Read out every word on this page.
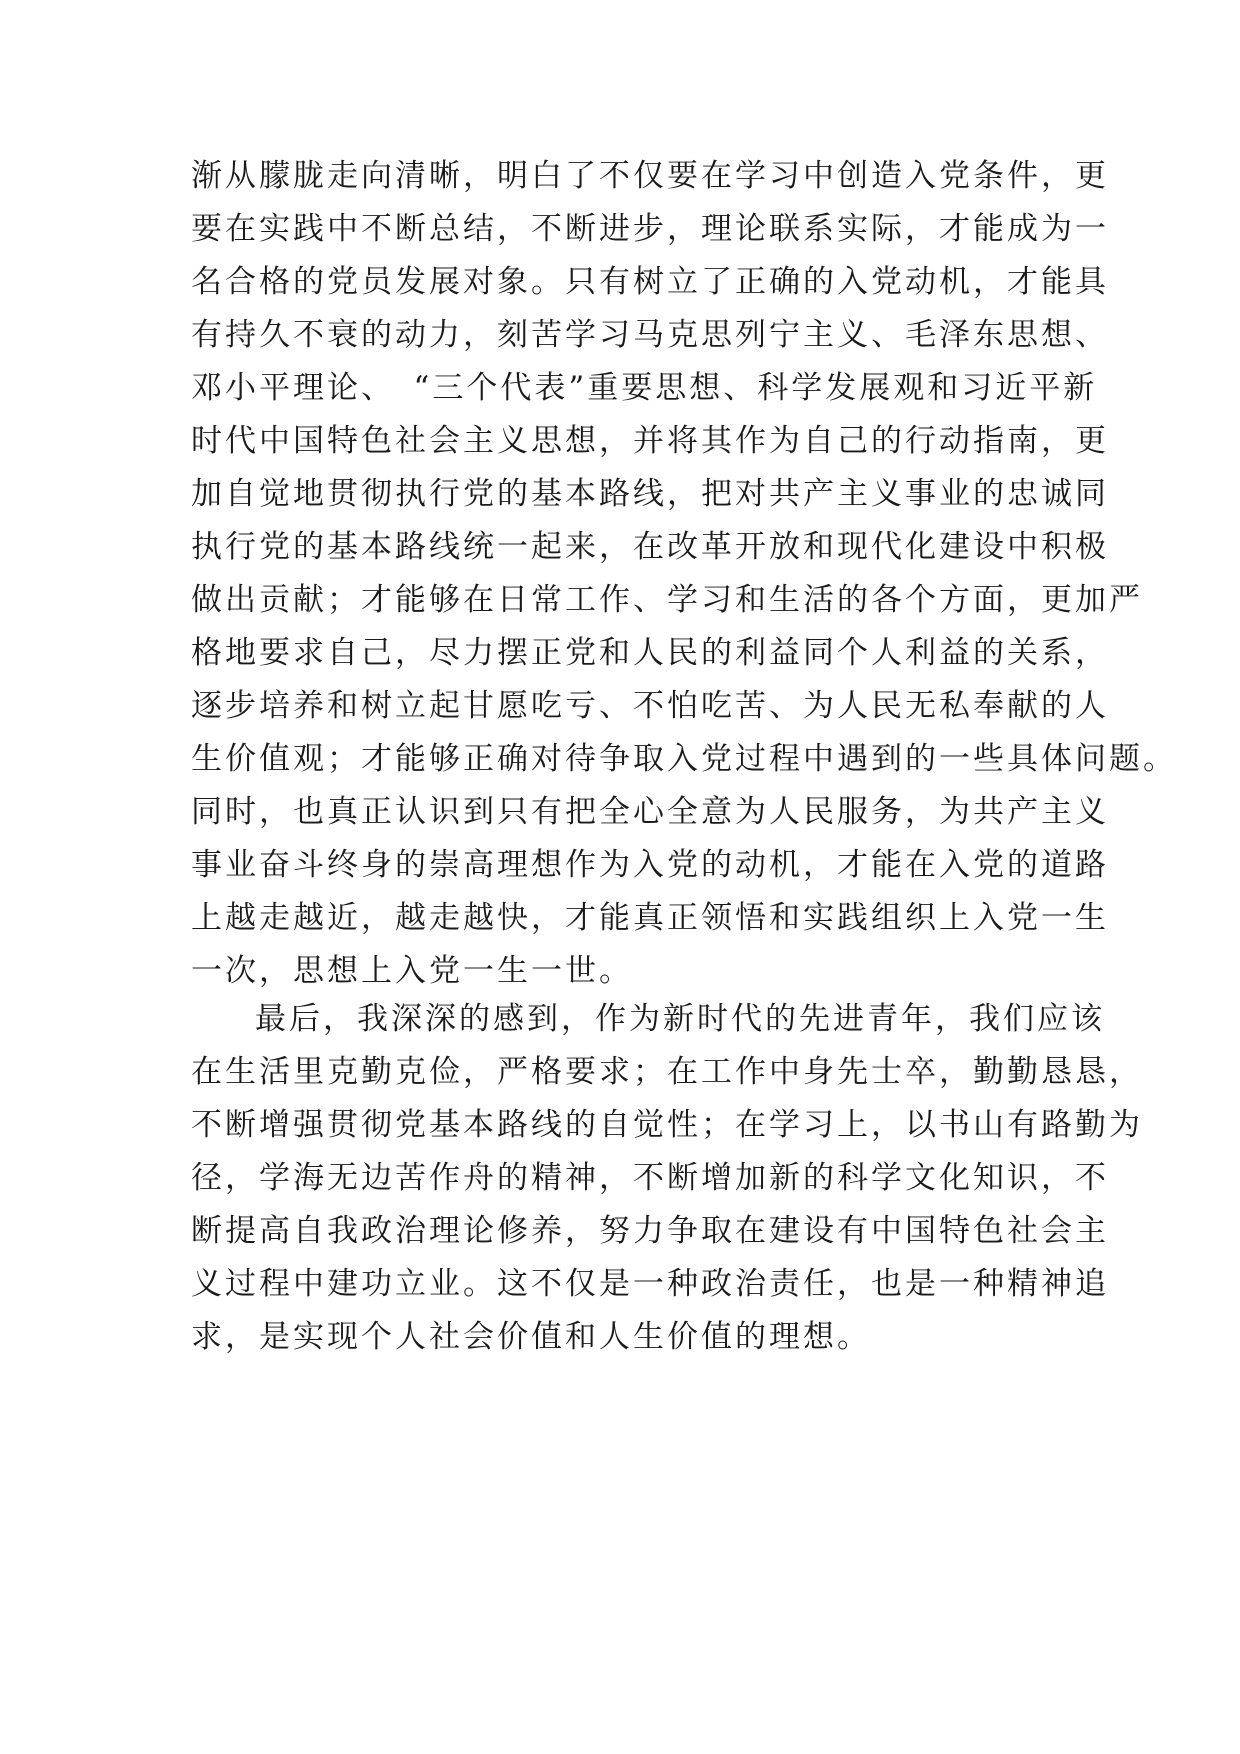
渐从朦胧走向清晰，明白了不仅要在学习中创造入党条件，更
要在实践中不断总结，不断进步，理论联系实际，才能成为一
名合格的党员发展对象。只有树立了正确的入党动机，才能具
有持久不衰的动力，刻苦学习马克思列宁主义、毛泽东思想、
邓小平理论、　“三个代表”重要思想、科学发展观和习近平新
时代中国特色社会主义思想，并将其作为自己的行动指南，更
加自觉地贯彻执行党的基本路线，把对共产主义事业的忠诚同
执行党的基本路线统一起来，在改革开放和现代化建设中积极
做出贡献；才能够在日常工作、学习和生活的各个方面，更加严
格地要求自己，尽力摆正党和人民的利益同个人利益的关系，
逐步培养和树立起甘愿吃亏、不怕吃苦、为人民无私奉献的人
生价值观；才能够正确对待争取入党过程中遇到的一些具体问题。
同时，也真正认识到只有把全心全意为人民服务，为共产主义
事业奋斗终身的崇高理想作为入党的动机，才能在入党的道路
上越走越近，越走越快，才能真正领悟和实践组织上入党一生
一次，思想上入党一生一世。
最后，我深深的感到，作为新时代的先进青年，我们应该
在生活里克勤克俭，严格要求；在工作中身先士卒，勤勤恳恳，
不断增强贯彻党基本路线的自觉性；在学习上，以书山有路勤为
径，学海无边苦作舟的精神，不断增加新的科学文化知识，不
断提高自我政治理论修养，努力争取在建设有中国特色社会主
义过程中建功立业。这不仅是一种政治责任，也是一种精神追
求，是实现个人社会价值和人生价值的理想。
